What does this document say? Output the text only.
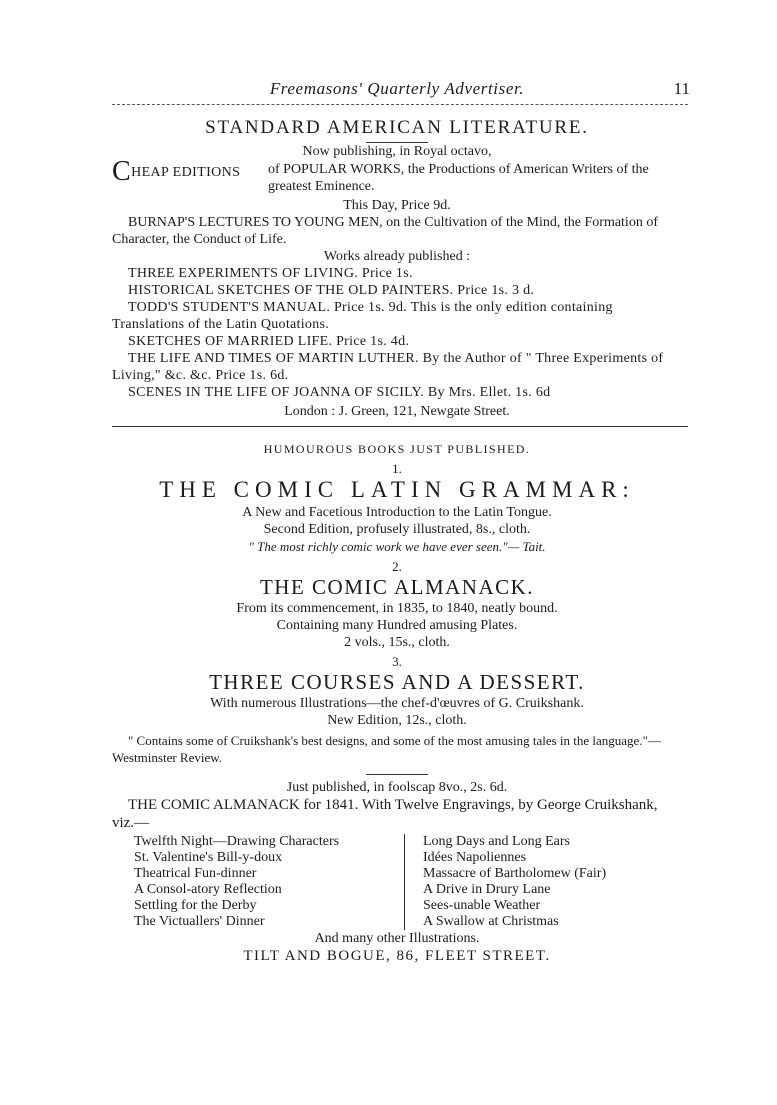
Freemasons' Quarterly Advertiser.	11
STANDARD AMERICAN LITERATURE.
Now publishing, in Royal octavo,
CHEAP EDITIONS	of POPULAR WORKS, the Productions of American Writers of the greatest Eminence.
This Day, Price 9d.

BURNAP'S LECTURES TO YOUNG MEN, on the Cultivation of the Mind, the Formation of Character, the Conduct of Life.

Works already published :

THREE EXPERIMENTS OF LIVING. Price 1s.

HISTORICAL SKETCHES OF THE OLD PAINTERS. Price 1s. 3 d.

TODD'S STUDENT'S MANUAL. Price 1s. 9d. This is the only edition containing Translations of the Latin Quotations.

SKETCHES OF MARRIED LIFE. Price 1s. 4d.

THE LIFE AND TIMES OF MARTIN LUTHER. By the Author of " Three Experiments of Living," &c. &c. Price 1s. 6d.

SCENES IN THE LIFE OF JOANNA OF SICILY. By Mrs. Ellet. 1s. 6d

London : J. Green, 121, Newgate Street.
HUMOUROUS BOOKS JUST PUBLISHED.
1.
THE COMIC LATIN GRAMMAR:
A New and Facetious Introduction to the Latin Tongue.
Second Edition, profusely illustrated, 8s., cloth.
" The most richly comic work we have ever seen."— Tait.
2.
THE COMIC ALMANACK.
From its commencement, in 1835, to 1840, neatly bound.
Containing many Hundred amusing Plates.
2 vols., 15s., cloth.
3.
THREE COURSES AND A DESSERT.
With numerous Illustrations—the chef-d'œuvres of G. Cruikshank.
New Edition, 12s., cloth.

" Contains some of Cruikshank's best designs, and some of the most amusing tales in the language."— Westminster Review.

Just published, in foolscap 8vo., 2s. 6d.

THE COMIC ALMANACK for 1841. With Twelve Engravings, by George Cruikshank, viz.—

Twelfth Night—Drawing Characters
St. Valentine's Bill-y-doux
Theatrical Fun-dinner
A Consol-atory Reflection
Settling for the Derby
The Victuallers' Dinner
Long Days and Long Ears
Idées Napoliennes
Massacre of Bartholomew (Fair)
A Drive in Drury Lane
Sees-unable Weather
A Swallow at Christmas
And many other Illustrations.
TILT AND BOGUE, 86, FLEET STREET.
